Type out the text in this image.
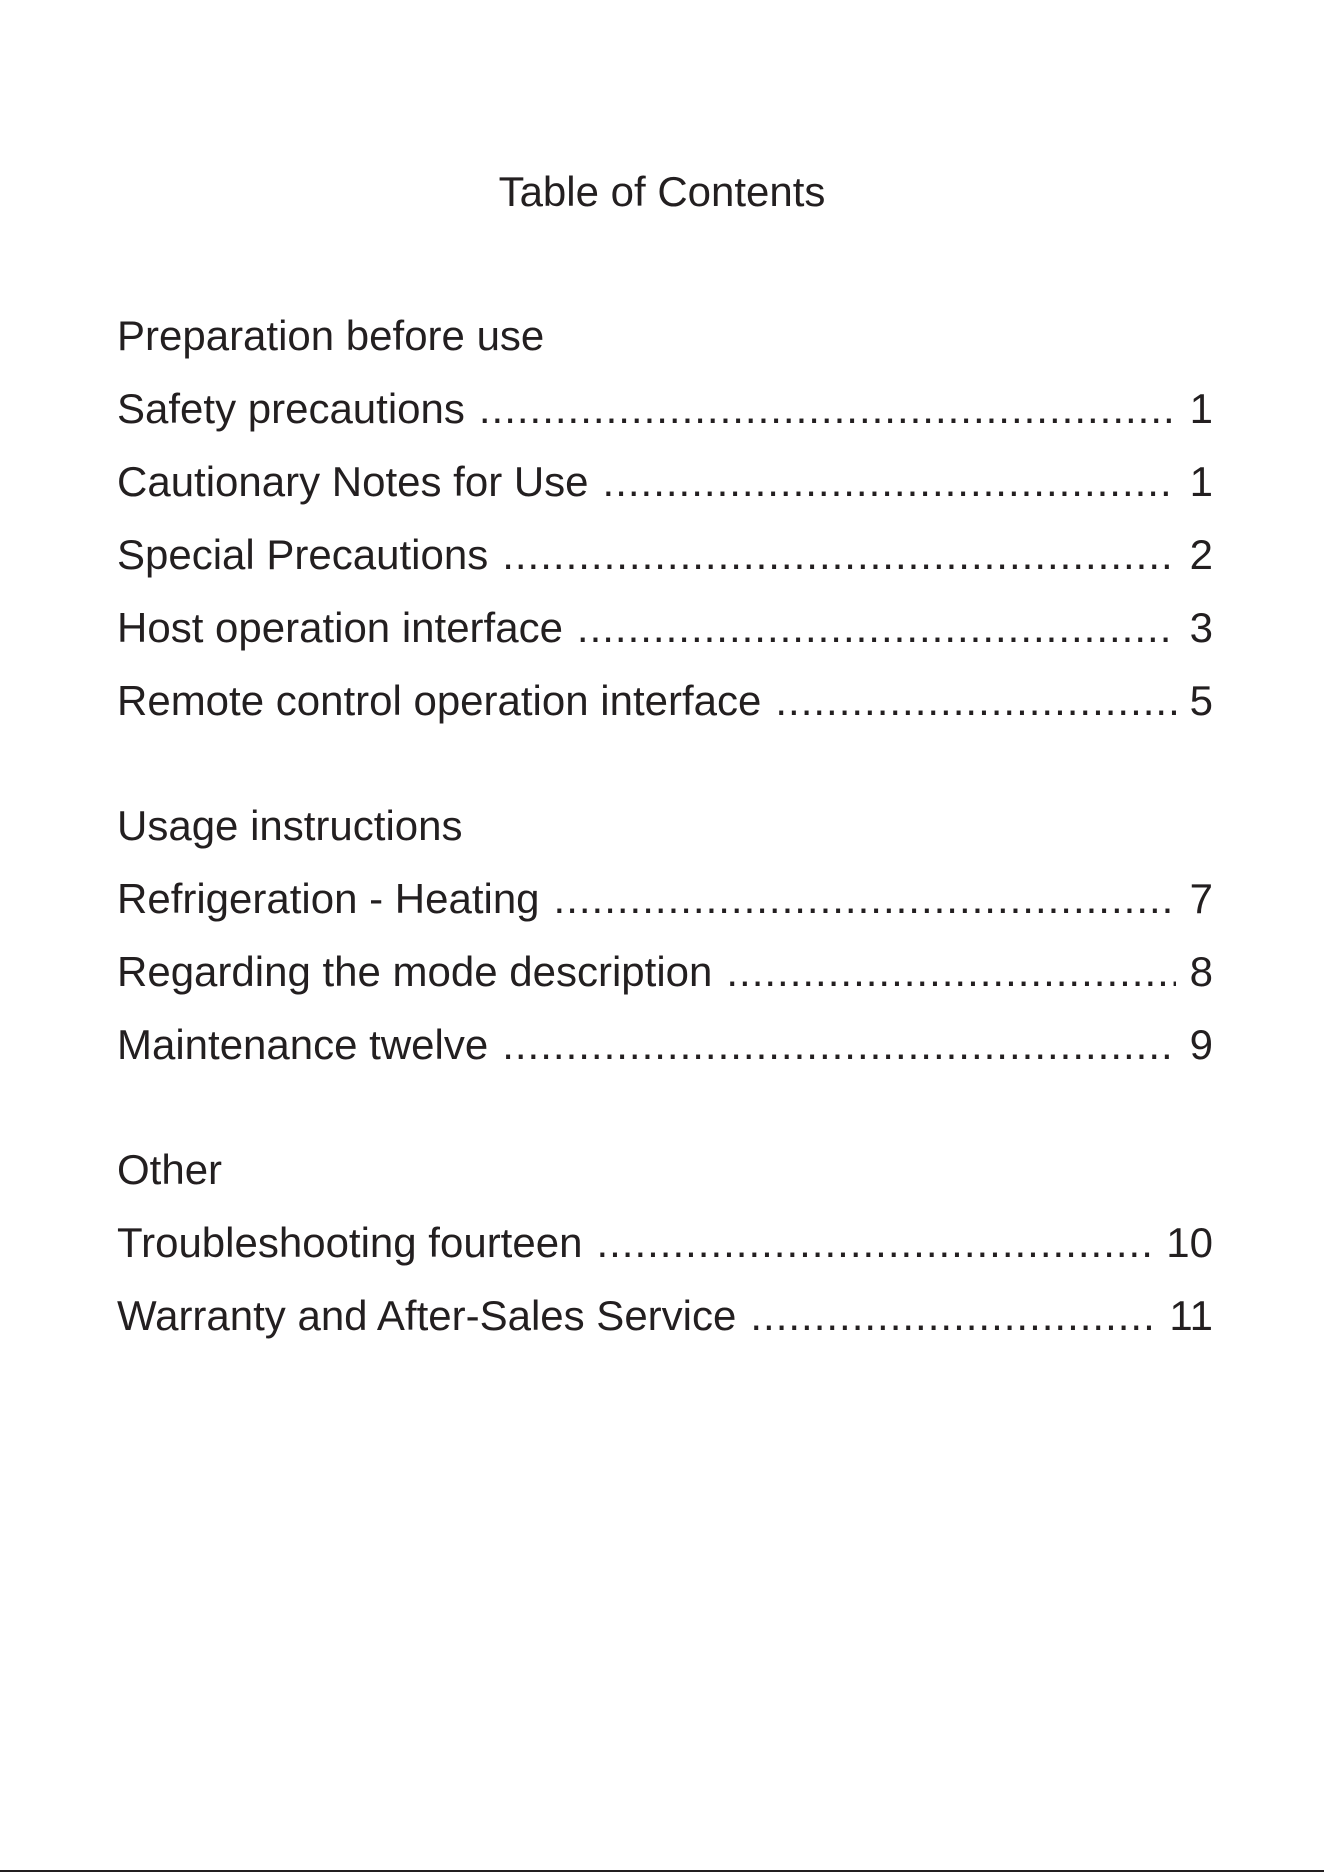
Table of Contents
Preparation before use
Safety precautions .....	1
Cautionary Notes for Use .....	1
Special Precautions .....	2
Host operation interface .....	3
Remote control operation interface .....	5
Usage instructions
Refrigeration - Heating .....	7
Regarding the mode description .....	8
Maintenance twelve .....	9
Other
Troubleshooting fourteen .....	10
Warranty and After-Sales Service .....	11
